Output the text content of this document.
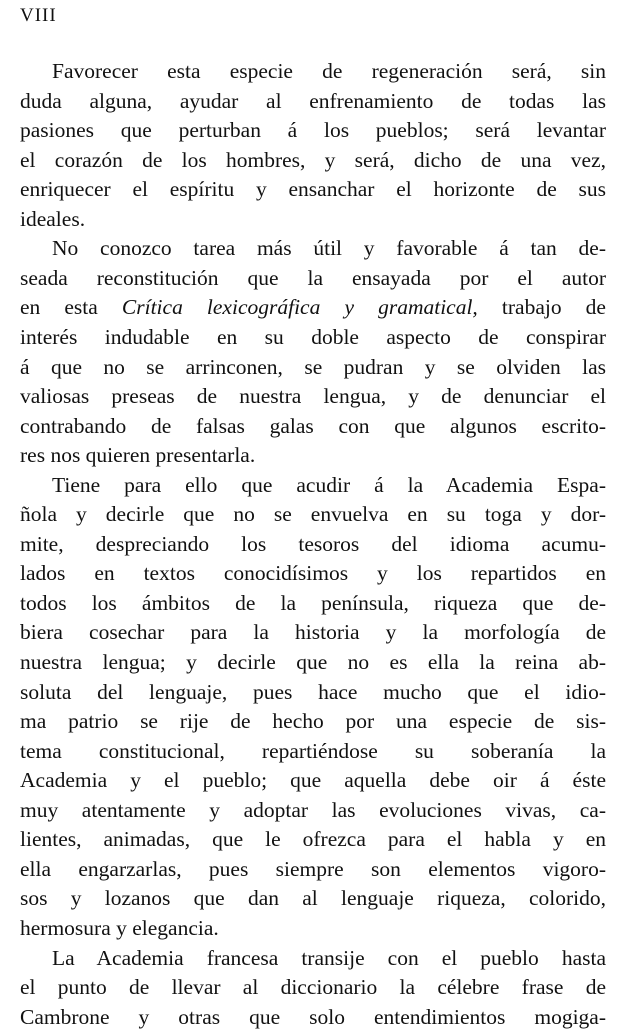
VIII
Favorecer esta especie de regeneración será, sin
duda alguna, ayudar al enfrenamiento de todas las
pasiones que perturban á los pueblos; será levantar
el corazón de los hombres, y será, dicho de una vez,
enriquecer el espíritu y ensanchar el horizonte de sus
ideales.
No conozco tarea más útil y favorable á tan de-
seada reconstitución que la ensayada por el autor
en esta Crítica lexicográfica y gramatical, trabajo de
interés indudable en su doble aspecto de conspirar
á que no se arrinconen, se pudran y se olviden las
valiosas preseas de nuestra lengua, y de denunciar el
contrabando de falsas galas con que algunos escrito-
res nos quieren presentarla.
Tiene para ello que acudir á la Academia Espa-
ñola y decirle que no se envuelva en su toga y dor-
mite, despreciando los tesoros del idioma acumu-
lados en textos conocidísimos y los repartidos en
todos los ámbitos de la península, riqueza que de-
biera cosechar para la historia y la morfología de
nuestra lengua; y decirle que no es ella la reina ab-
soluta del lenguaje, pues hace mucho que el idio-
ma patrio se rije de hecho por una especie de sis-
tema constitucional, repartiéndose su soberanía la
Academia y el pueblo; que aquella debe oir á éste
muy atentamente y adoptar las evoluciones vivas, ca-
lientes, animadas, que le ofrezca para el habla y en
ella engarzarlas, pues siempre son elementos vigoro-
sos y lozanos que dan al lenguaje riqueza, colorido,
hermosura y elegancia.
La Academia francesa transije con el pueblo hasta
el punto de llevar al diccionario la célebre frase de
Cambrone y otras que solo entendimientos mogiga-
